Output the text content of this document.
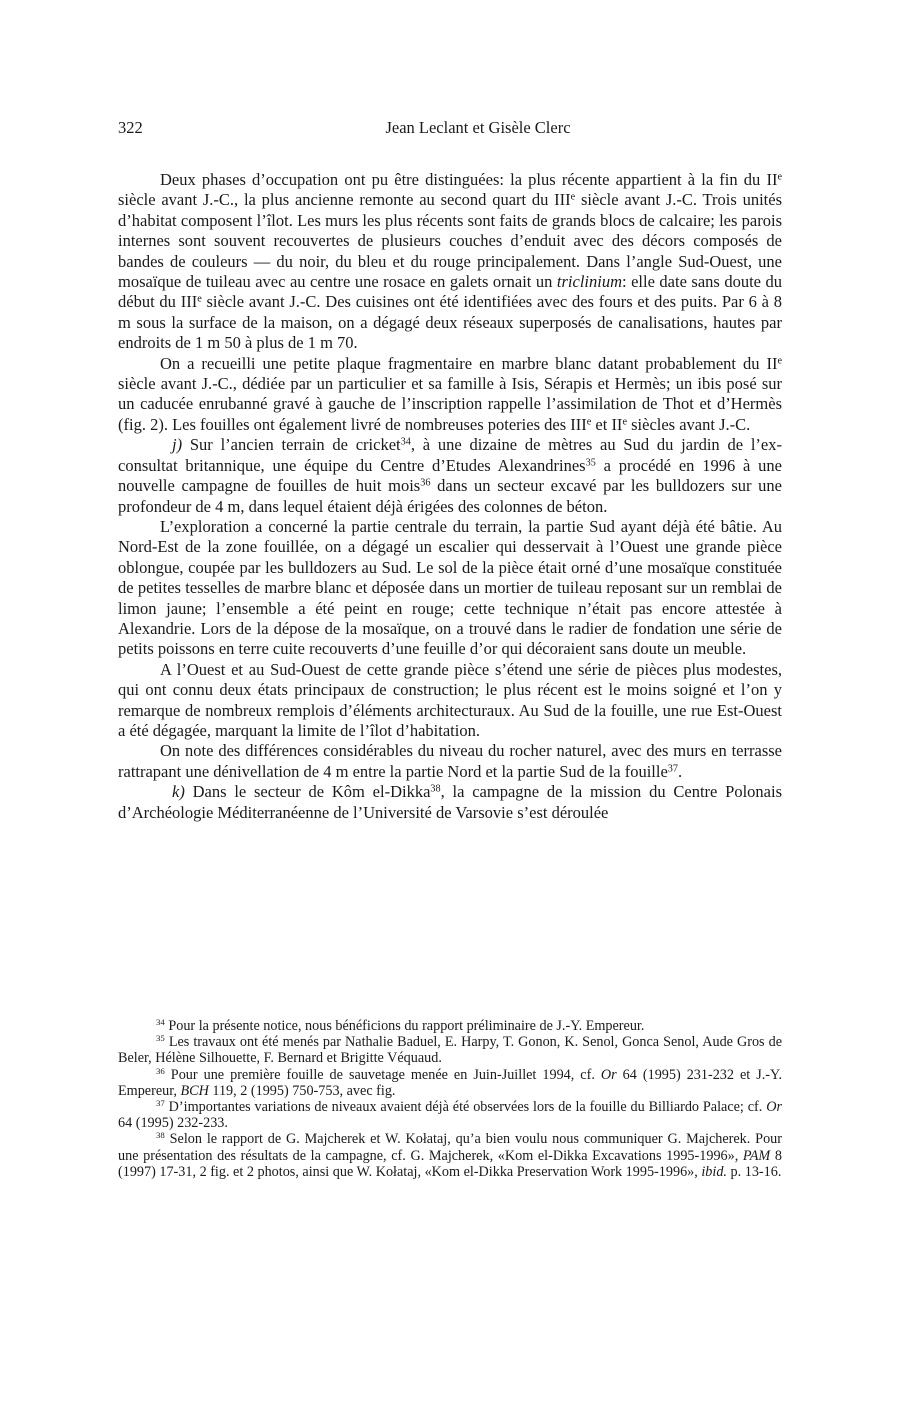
322	Jean Leclant et Gisèle Clerc

Deux phases d’occupation ont pu être distinguées: la plus récente appartient à la fin du IIe siècle avant J.-C., la plus ancienne remonte au second quart du IIIe siècle avant J.-C. Trois unités d’habitat composent l’îlot. Les murs les plus récents sont faits de grands blocs de calcaire; les parois internes sont souvent recouvertes de plusieurs couches d’enduit avec des décors composés de bandes de couleurs — du noir, du bleu et du rouge principalement. Dans l’angle Sud-Ouest, une mosaïque de tuileau avec au centre une rosace en galets ornait un triclinium: elle date sans doute du début du IIIe siècle avant J.-C. Des cuisines ont été identifiées avec des fours et des puits. Par 6 à 8 m sous la surface de la maison, on a dégagé deux réseaux superposés de canalisations, hautes par endroits de 1 m 50 à plus de 1 m 70.

On a recueilli une petite plaque fragmentaire en marbre blanc datant probablement du IIe siècle avant J.-C., dédiée par un particulier et sa famille à Isis, Sérapis et Hermès; un ibis posé sur un caducée enrubanné gravé à gauche de l’inscription rappelle l’assimilation de Thot et d’Hermès (fig. 2). Les fouilles ont également livré de nombreuses poteries des IIIe et IIe siècles avant J.-C.

j) Sur l’ancien terrain de cricket$^{34}$, à une dizaine de mètres au Sud du jardin de l’ex-consultat britannique, une équipe du Centre d’Etudes Alexandrines$^{35}$ a procédé en 1996 à une nouvelle campagne de fouilles de huit mois$^{36}$ dans un secteur excavé par les bulldozers sur une profondeur de 4 m, dans lequel étaient déjà érigées des colonnes de béton.

L’exploration a concerné la partie centrale du terrain, la partie Sud ayant déjà été bâtie. Au Nord-Est de la zone fouillée, on a dégagé un escalier qui desservait à l’Ouest une grande pièce oblongue, coupée par les bulldozers au Sud. Le sol de la pièce était orné d’une mosaïque constituée de petites tesselles de marbre blanc et déposée dans un mortier de tuileau reposant sur un remblai de limon jaune; l’ensemble a été peint en rouge; cette technique n’était pas encore attestée à Alexandrie. Lors de la dépose de la mosaïque, on a trouvé dans le radier de fondation une série de petits poissons en terre cuite recouverts d’une feuille d’or qui décoraient sans doute un meuble.

A l’Ouest et au Sud-Ouest de cette grande pièce s’étend une série de pièces plus modestes, qui ont connu deux états principaux de construction; le plus récent est le moins soigné et l’on y remarque de nombreux remplois d’éléments architecturaux. Au Sud de la fouille, une rue Est-Ouest a été dégagée, marquant la limite de l’îlot d’habitation.

On note des différences considérables du niveau du rocher naturel, avec des murs en terrasse rattrapant une dénivellation de 4 m entre la partie Nord et la partie Sud de la fouille$^{37}$.

k) Dans le secteur de Kôm el-Dikka$^{38}$, la campagne de la mission du Centre Polonais d’Archéologie Méditerranéenne de l’Université de Varsovie s’est déroulée

$^{34}$ Pour la présente notice, nous bénéficions du rapport préliminaire de J.-Y. Empereur.

$^{35}$ Les travaux ont été menés par Nathalie Baduel, E. Harpy, T. Gonon, K. Senol, Gonca Senol, Aude Gros de Beler, Hélène Silhouette, F. Bernard et Brigitte Véquaud.

$^{36}$ Pour une première fouille de sauvetage menée en Juin-Juillet 1994, cf. Or 64 (1995) 231-232 et J.-Y. Empereur, BCH 119, 2 (1995) 750-753, avec fig.

$^{37}$ D’importantes variations de niveaux avaient déjà été observées lors de la fouille du Billiardo Palace; cf. Or 64 (1995) 232-233.

$^{38}$ Selon le rapport de G. Majcherek et W. Kołataj, qu’a bien voulu nous communiquer G. Majcherek. Pour une présentation des résultats de la campagne, cf. G. Majcherek, «Kom el-Dikka Excavations 1995-1996», PAM 8 (1997) 17-31, 2 fig. et 2 photos, ainsi que W. Kołataj, «Kom el-Dikka Preservation Work 1995-1996», ibid. p. 13-16.
